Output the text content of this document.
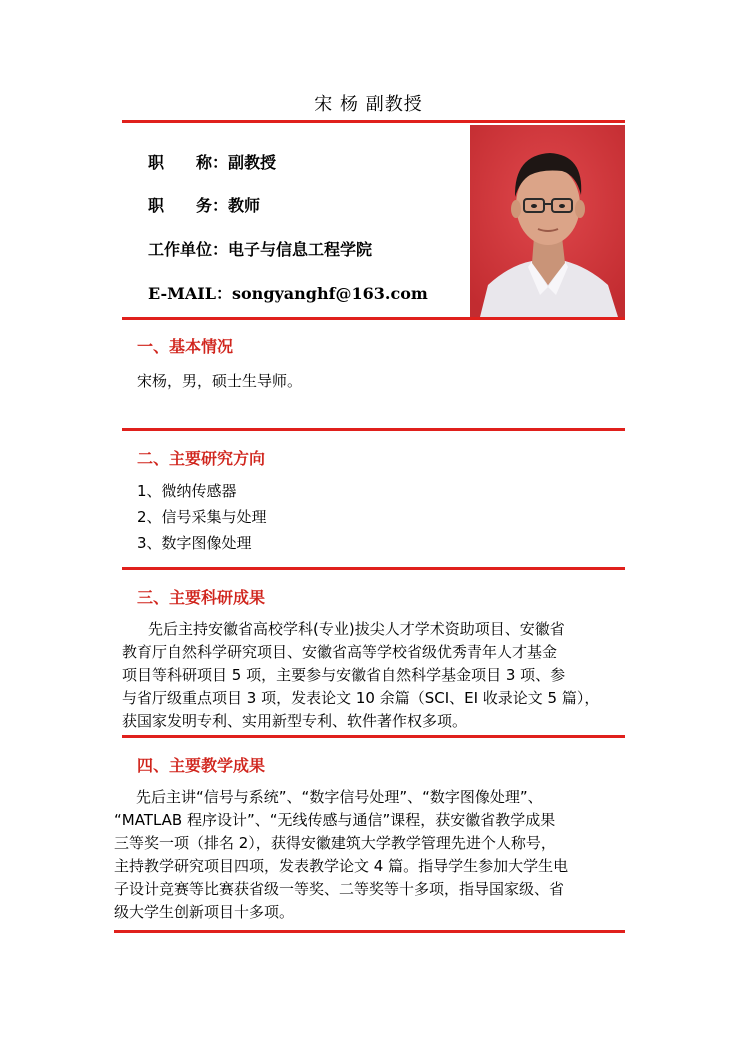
宋 杨 副教授
职　　称：副教授
职　　务：教师
工作单位：电子与信息工程学院
E-MAIL：songyanghf@163.com
一、基本情况
宋杨，男，硕士生导师。
二、主要研究方向
1、微纳传感器
2、信号采集与处理
3、数字图像处理
三、主要科研成果
先后主持安徽省高校学科(专业)拔尖人才学术资助项目、安徽省
教育厅自然科学研究项目、安徽省高等学校省级优秀青年人才基金
项目等科研项目 5 项，主要参与安徽省自然科学基金项目 3 项、参
与省厅级重点项目 3 项，发表论文 10 余篇（SCI、EI 收录论文 5 篇），
获国家发明专利、实用新型专利、软件著作权多项。
四、主要教学成果
先后主讲“信号与系统”、“数字信号处理”、“数字图像处理”、
“MATLAB 程序设计”、“无线传感与通信”课程，获安徽省教学成果
三等奖一项（排名 2），获得安徽建筑大学教学管理先进个人称号，
主持教学研究项目四项，发表教学论文 4 篇。指导学生参加大学生电
子设计竞赛等比赛获省级一等奖、二等奖等十多项，指导国家级、省
级大学生创新项目十多项。
